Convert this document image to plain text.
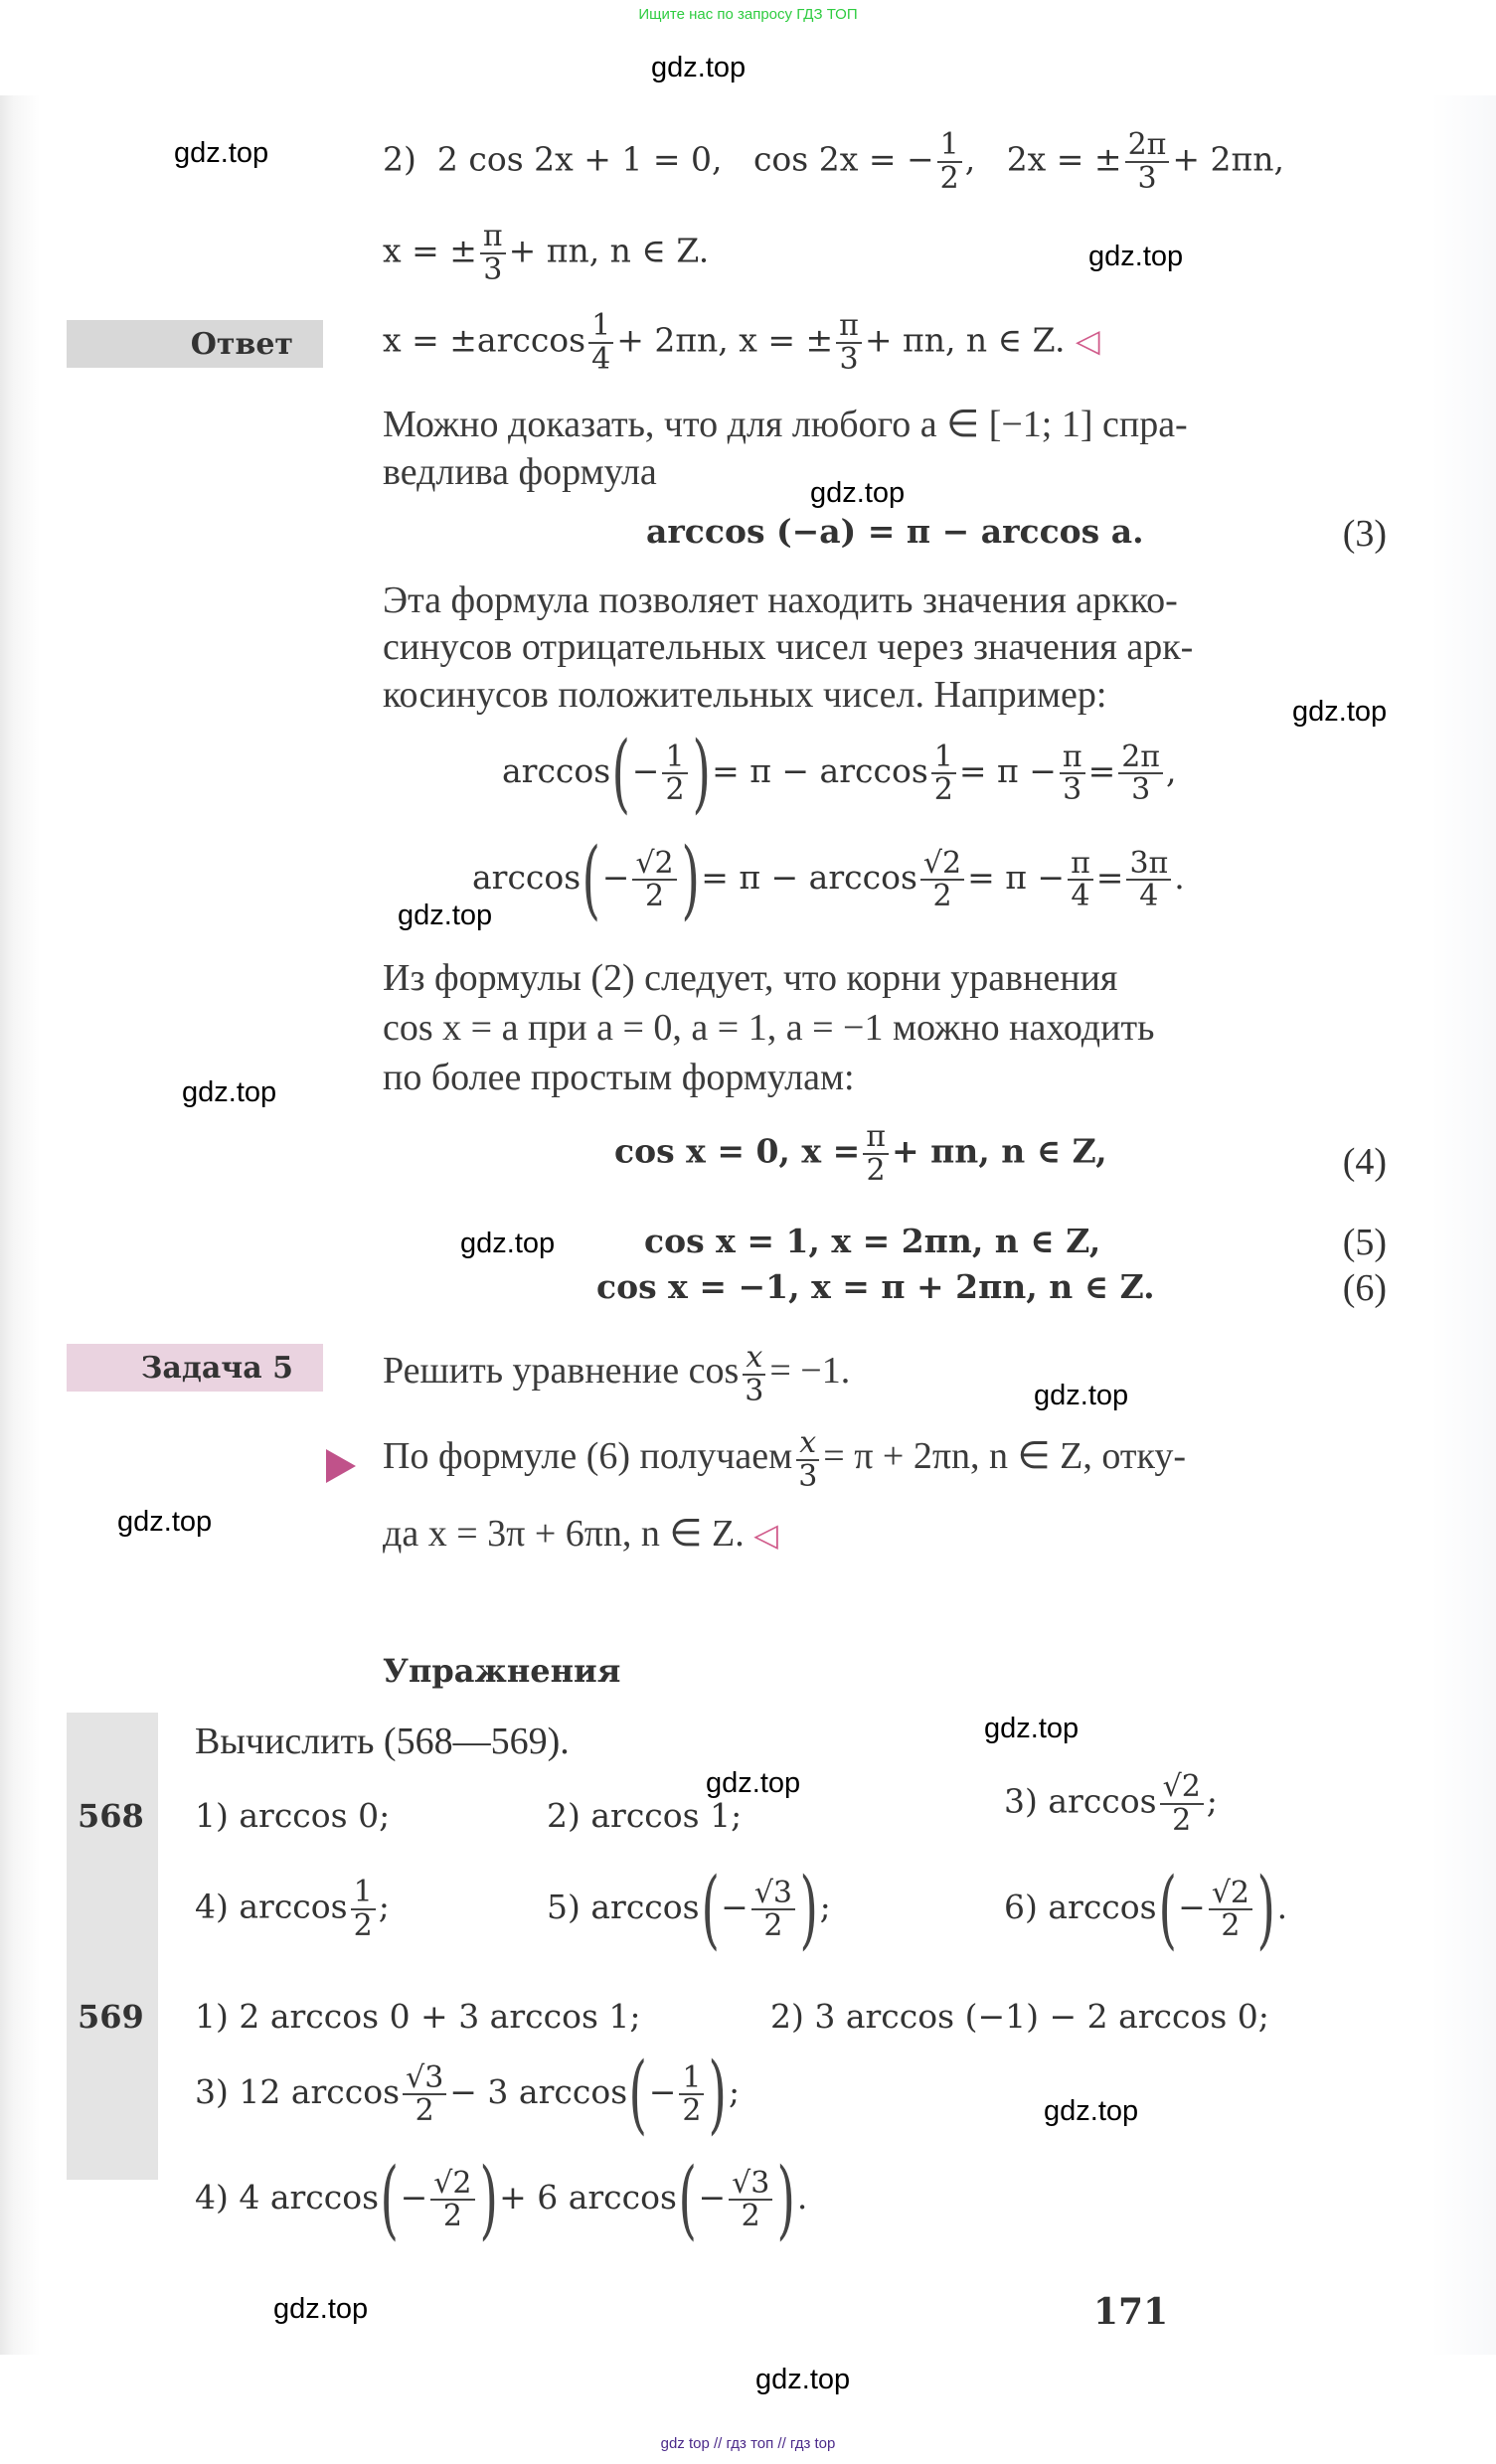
Ищите нас по запросу ГДЗ ТОП
gdz.top
gdz.top
gdz.top
gdz.top
gdz.top
gdz.top
gdz.top
gdz.top
gdz.top
gdz.top
gdz.top
gdz.top
gdz.top
gdz.top
gdz.top
2) 2 cos 2x + 1 = 0, cos 2x = − $\frac{1}{2}$ ,   2x = ± $\frac{2\pi}{3} + 2\pi n$,
x = ± $\frac{\pi}{3} + \pi n$, n ∈ Z.
Ответ	$x = \pm\arccos \frac{1}{4} + 2\pi n$, x = ± $\frac{\pi}{3} + \pi n$, n ∈ Z. ◁
Можно доказать, что для любого a ∈ [−1; 1] спра-
ведлива формула
arccos (−a) = π − arccos a.	(3)
Эта формула позволяет находить значения аркко-
синусов отрицательных чисел через значения арк-
косинусов положительных чисел. Например:
$\arccos(- \frac{1}{2}$ )= $\pi - \arccos \frac{1}{2} = \pi - \frac{\pi}{3} = \frac{2\pi}{3}$ ,
$\arccos(- \frac{√2}{2}$ )= $\pi - \arccos \frac{√2}{2} = \pi - \frac{\pi}{4} = \frac{3\pi}{4}$ .
Из формулы (2) следует, что корни уравнения
cos x = a при a = 0, a = 1, a = −1 можно находить
по более простым формулам:
cos x = 0, $x = \frac{\pi}{2} + \pi n$, n ∈ Z,	(4)
cos x = 1, x = 2πn, n ∈ Z,	(5)
cos x = −1, x = π + 2πn, n ∈ Z.	(6)
Задача 5	Решить уравнение $\cos \frac{x}{3} = -1$.
По формуле (6) получаем $\frac{x}{3} = \pi + 2\pi n$, n ∈ Z, отку-
да x = 3π + 6πn, n ∈ Z. ◁
Упражнения
Вычислить (568—569).
568 1) arccos 0;	2) arccos 1;	3) $\arccos \frac{√2}{2}$ ;
4) $\arccos \frac{1}{2}$ ;	5) $\arccos(- \frac{√3}{2}$ );	6) $\arccos(- \frac{√2}{2}$ ).
569 1) 2 arccos 0 + 3 arccos 1;	2) 3 arccos (−1) − 2 arccos 0;
3) 12 $\arccos \frac{√3}{2} - 3$ $\arccos(- \frac{1}{2}$ );
4) 4 $\arccos(- \frac{√2}{2}$ )+ 6 $\arccos(- \frac{√3}{2}$ ).
171
gdz top // гдз топ // гдз top
